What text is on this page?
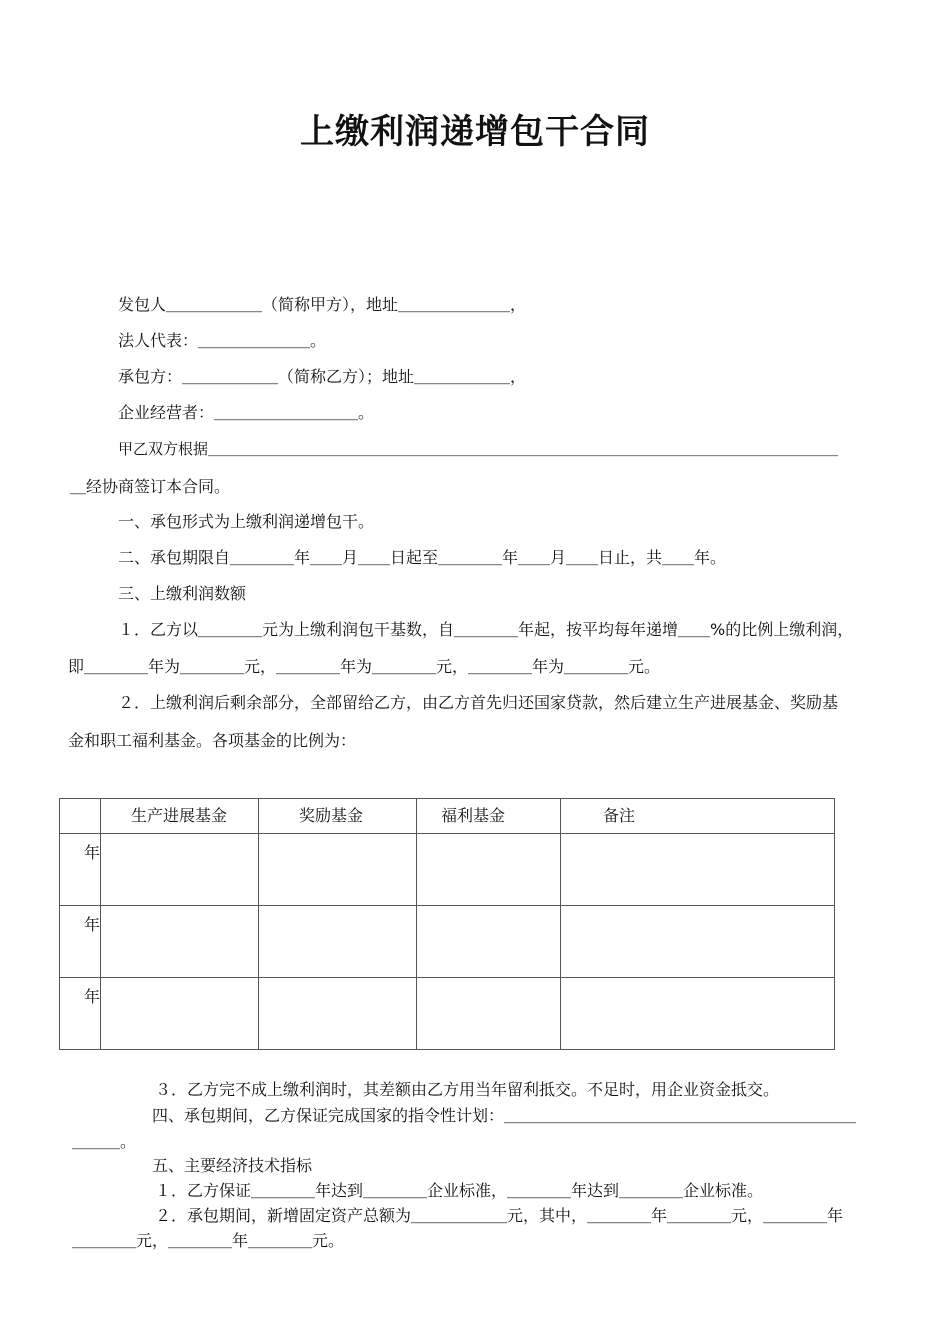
上缴利润递增包干合同
发包人＿＿＿＿＿＿（简称甲方），地址＿＿＿＿＿＿＿，
法人代表：＿＿＿＿＿＿＿。
承包方：＿＿＿＿＿＿（简称乙方）；地址＿＿＿＿＿＿，
企业经营者：＿＿＿＿＿＿＿＿＿。
甲乙双方根据＿＿＿＿＿＿＿＿＿＿＿＿＿＿＿＿＿＿＿＿＿＿＿＿＿＿＿＿＿＿＿＿＿＿＿＿＿＿＿＿＿＿
＿经协商签订本合同。
一、承包形式为上缴利润递增包干。
二、承包期限自＿＿＿＿年＿＿月＿＿日起至＿＿＿＿年＿＿月＿＿日止，共＿＿年。
三、上缴利润数额
１．乙方以＿＿＿＿元为上缴利润包干基数，自＿＿＿＿年起，按平均每年递增＿＿%的比例上缴利润，
即＿＿＿＿年为＿＿＿＿元，＿＿＿＿年为＿＿＿＿元，＿＿＿＿年为＿＿＿＿元。
２．上缴利润后剩余部分，全部留给乙方，由乙方首先归还国家贷款，然后建立生产进展基金、奖励基
金和职工福利基金。各项基金的比例为：

	生产进展基金	奖励基金	福利基金	备注

年				

年				

年				

３．乙方完不成上缴利润时，其差额由乙方用当年留利抵交。不足时，用企业资金抵交。
四、承包期间，乙方保证完成国家的指令性计划：＿＿＿＿＿＿＿＿＿＿＿＿＿＿＿＿＿＿＿＿＿＿
＿＿＿。
五、主要经济技术指标
１．乙方保证＿＿＿＿年达到＿＿＿＿企业标准，＿＿＿＿年达到＿＿＿＿企业标准。
２．承包期间，新增固定资产总额为＿＿＿＿＿＿元，其中，＿＿＿＿年＿＿＿＿元，＿＿＿＿年
＿＿＿＿元，＿＿＿＿年＿＿＿＿元。
